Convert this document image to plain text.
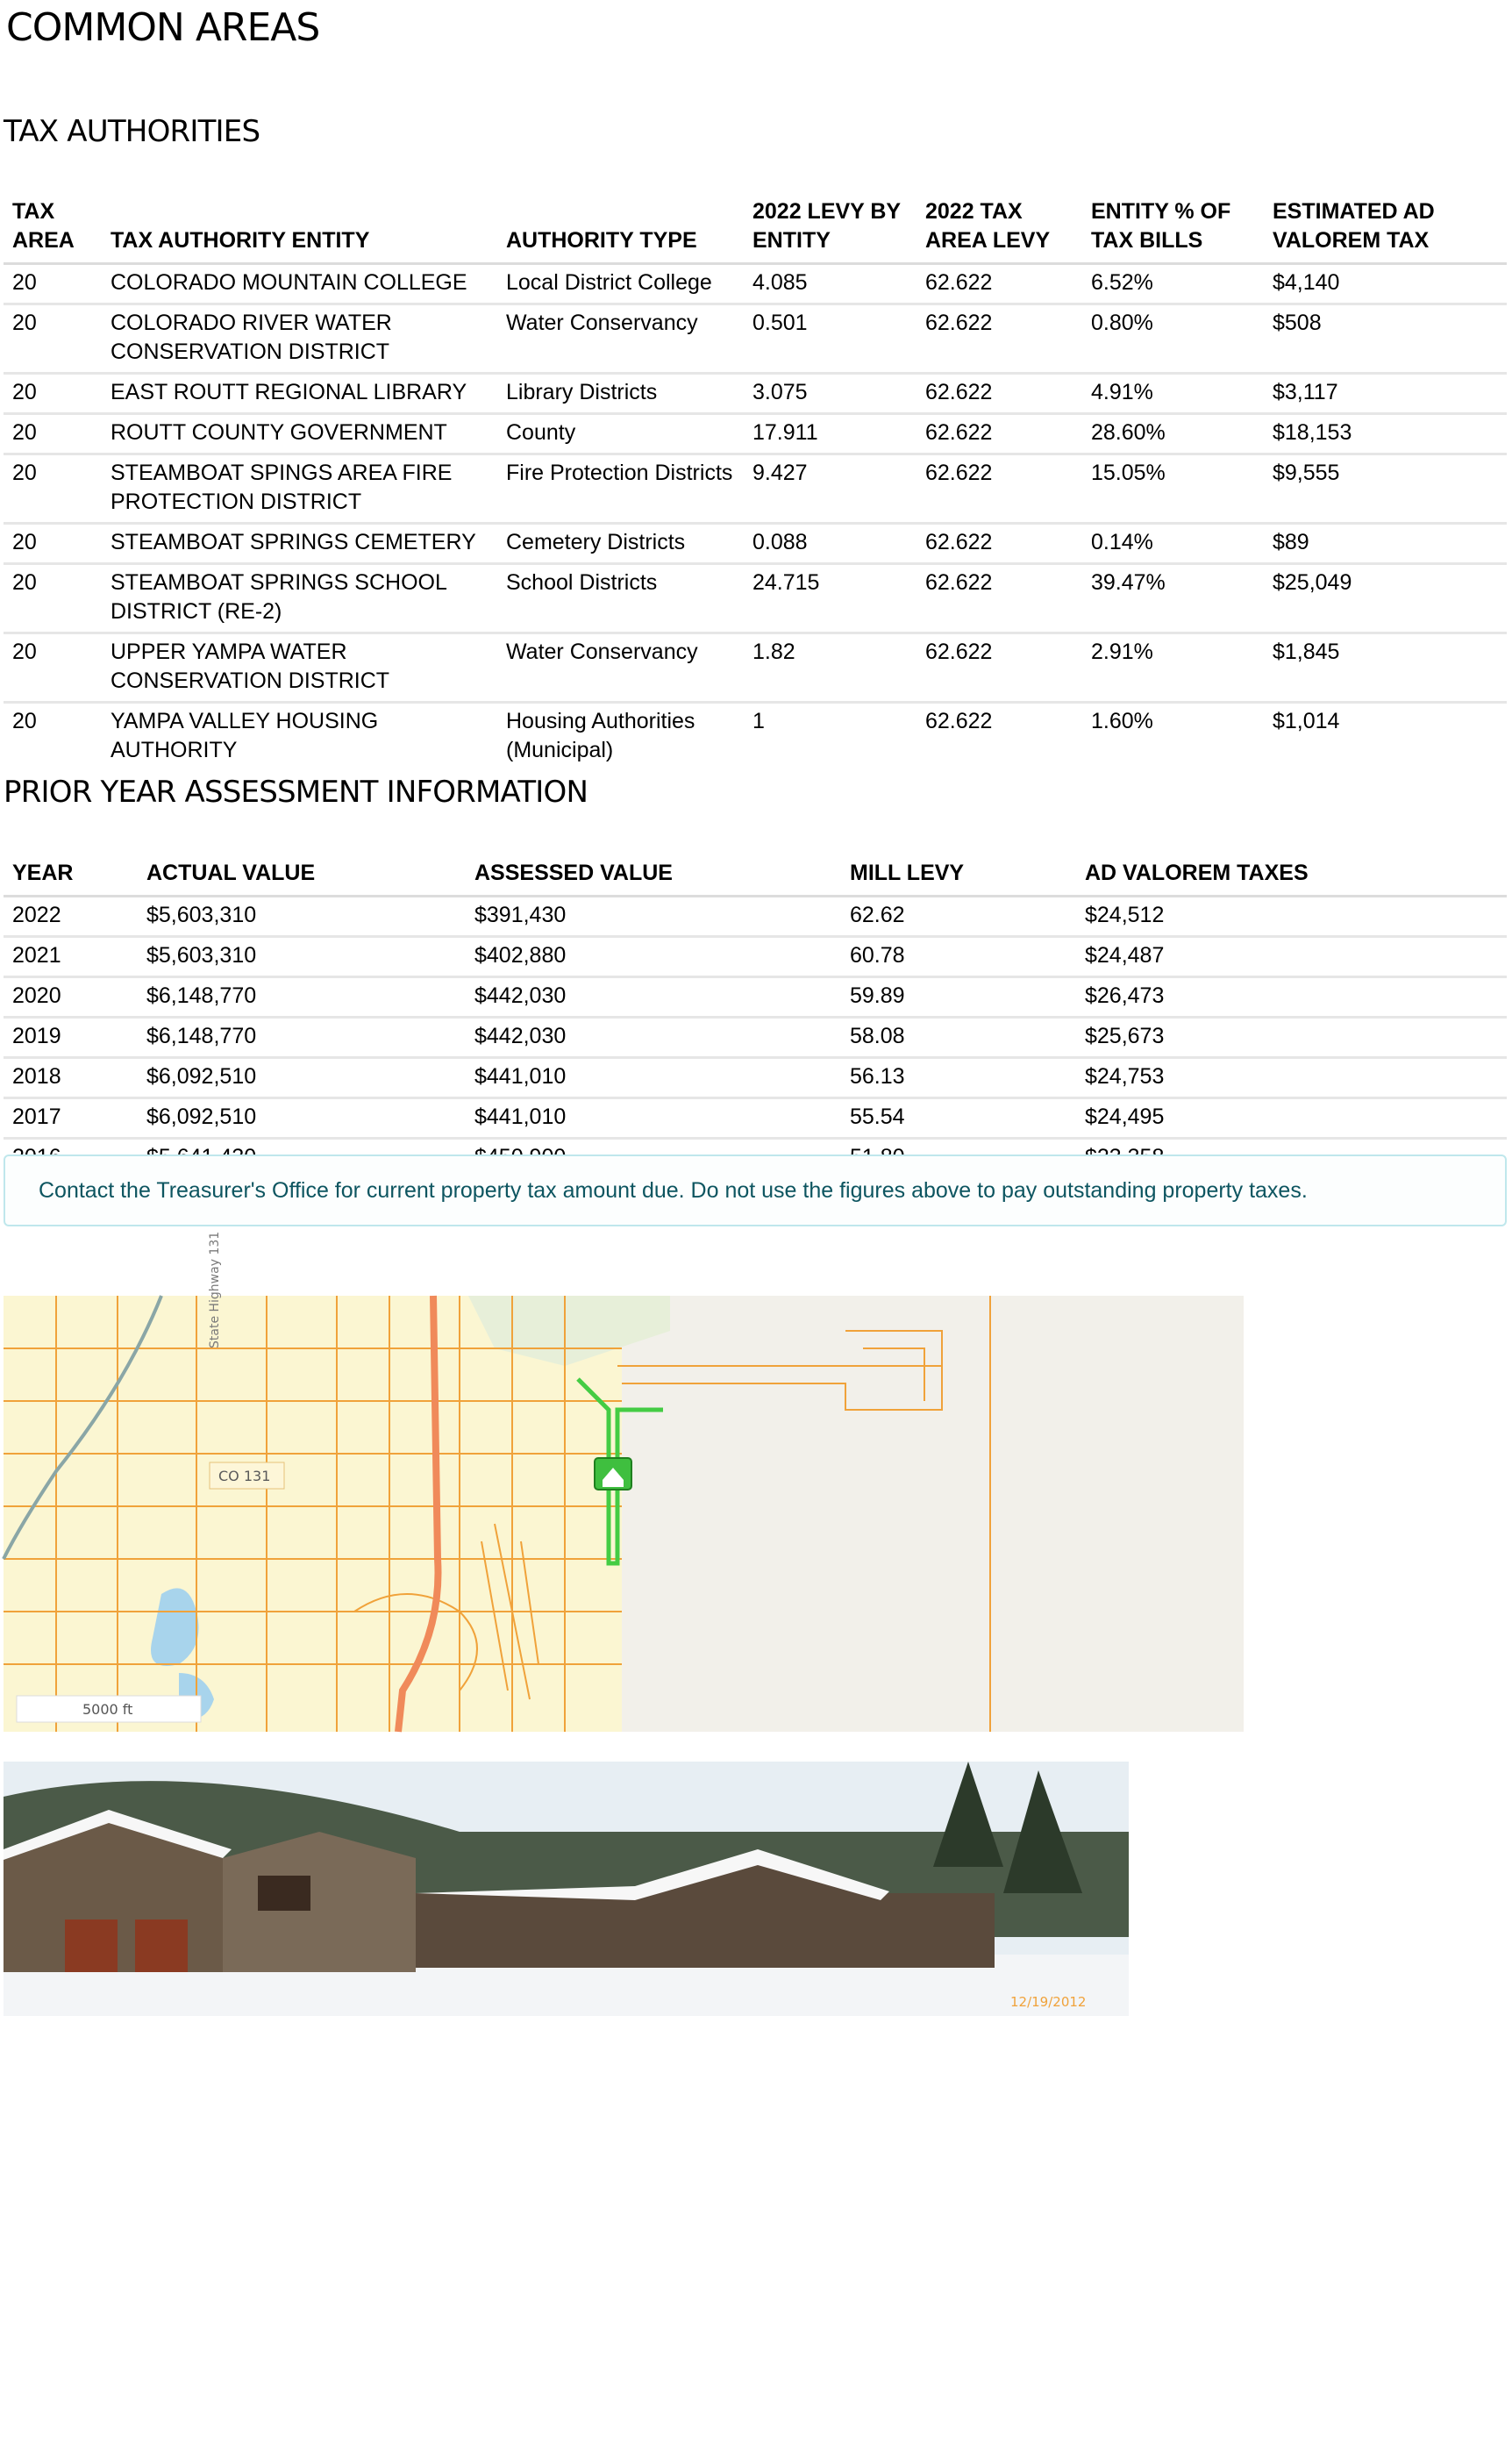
COMMON AREAS
TAX AUTHORITIES
TAX AREA	TAX AUTHORITY ENTITY	AUTHORITY TYPE	2022 LEVY BY ENTITY	2022 TAX AREA LEVY	ENTITY % OF TAX BILLS	ESTIMATED AD VALOREM TAX
20	COLORADO MOUNTAIN COLLEGE	Local District College	4.085	62.622	6.52%	$4,140
20	COLORADO RIVER WATER CONSERVATION DISTRICT	Water Conservancy	0.501	62.622	0.80%	$508
20	EAST ROUTT REGIONAL LIBRARY	Library Districts	3.075	62.622	4.91%	$3,117
20	ROUTT COUNTY GOVERNMENT	County	17.911	62.622	28.60%	$18,153
20	STEAMBOAT SPINGS AREA FIRE PROTECTION DISTRICT	Fire Protection Districts	9.427	62.622	15.05%	$9,555
20	STEAMBOAT SPRINGS CEMETERY	Cemetery Districts	0.088	62.622	0.14%	$89
20	STEAMBOAT SPRINGS SCHOOL DISTRICT (RE-2)	School Districts	24.715	62.622	39.47%	$25,049
20	UPPER YAMPA WATER CONSERVATION DISTRICT	Water Conservancy	1.82	62.622	2.91%	$1,845
20	YAMPA VALLEY HOUSING AUTHORITY	Housing Authorities (Municipal)	1	62.622	1.60%	$1,014
PRIOR YEAR ASSESSMENT INFORMATION
YEAR	ACTUAL VALUE	ASSESSED VALUE	MILL LEVY	AD VALOREM TAXES
2022	$5,603,310	$391,430	62.62	$24,512
2021	$5,603,310	$402,880	60.78	$24,487
2020	$6,148,770	$442,030	59.89	$26,473
2019	$6,148,770	$442,030	58.08	$25,673
2018	$6,092,510	$441,010	56.13	$24,753
2017	$6,092,510	$441,010	55.54	$24,495

Contact the Treasurer's Office for current property tax amount due. Do not use the figures above to pay outstanding property taxes.
State Highway 131
CO 131
5000 ft
12/19/2012
